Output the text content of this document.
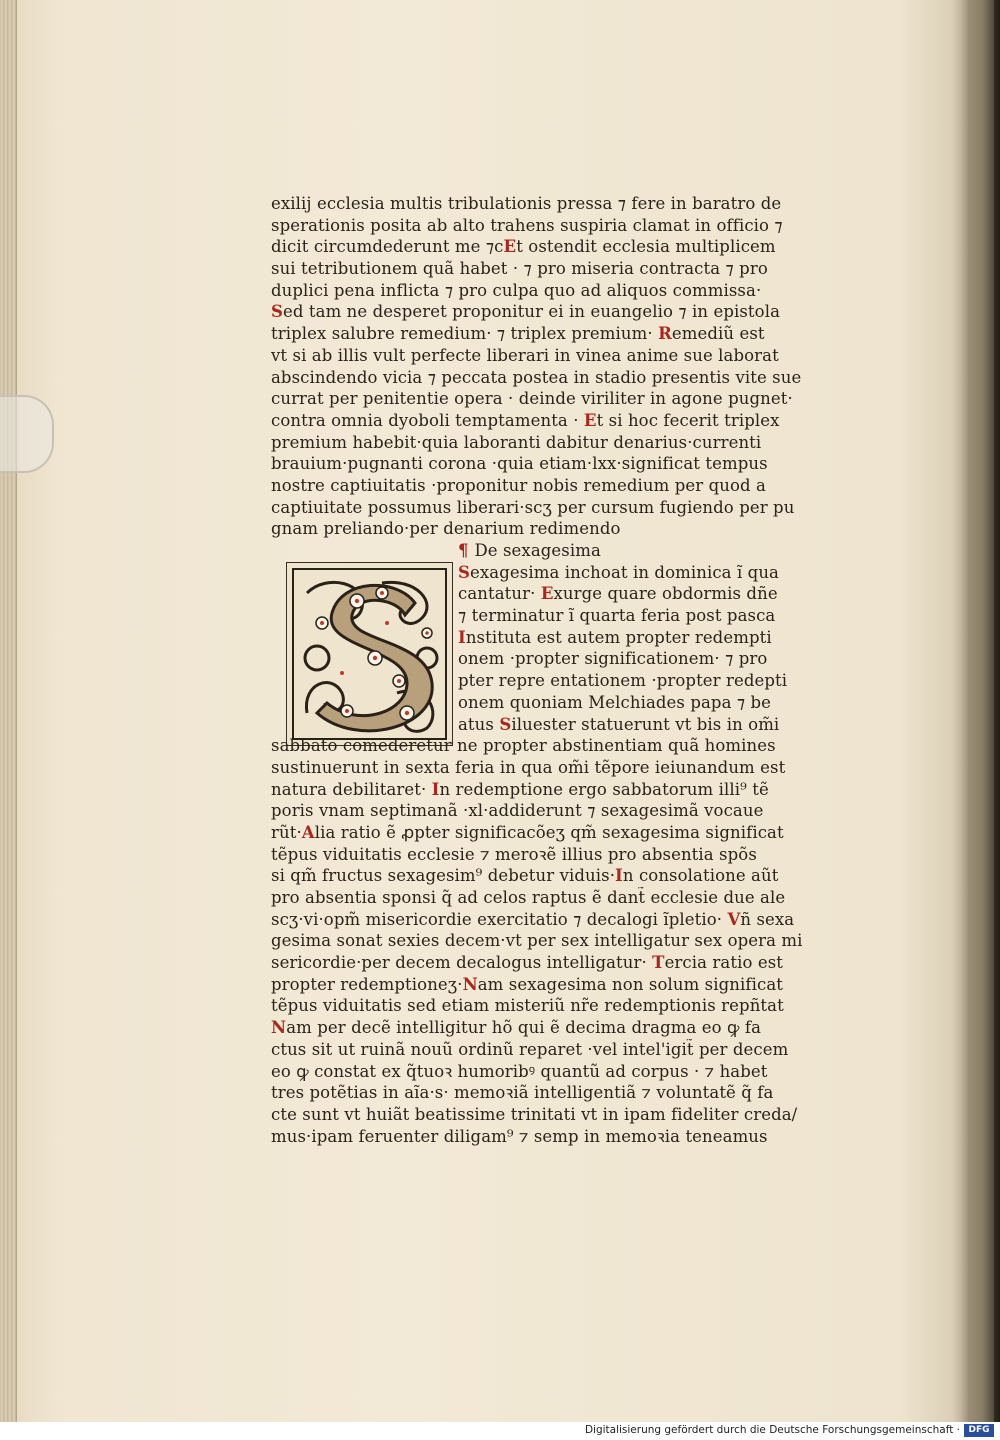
exilij ecclesia multis tribulationis pressa ⁊ fere in baratro de
sperationis posita ab alto trahens suspiria clamat in officio ⁊
dicit circumdederunt me ⁊cEt ostendit ecclesia multiplicem
sui tetributionem quã habet · ⁊ pro miseria contracta ⁊ pro
duplici pena inflicta ⁊ pro culpa quo ad aliquos commissa·
Sed tam ne desperet proponitur ei in euangelio ⁊ in epistola
triplex salubre remedium· ⁊ triplex premium· Remediũ est
vt si ab illis vult perfecte liberari in vinea anime sue laborat
abscindendo vicia ⁊ peccata postea in stadio presentis vite sue
currat per penitentie opera · deinde viriliter in agone pugnet·
contra omnia dyoboli temptamenta · Et si hoc fecerit triplex
premium habebit·quia laboranti dabitur denarius·currenti
brauium·pugnanti corona ·quia etiam·lxx·significat tempus
nostre captiuitatis ·proponitur nobis remedium per quod a
captiuitate possumus liberari·scʒ per cursum fugiendo per pu
gnam preliando·per denarium redimendo
¶ De sexagesima
Sexagesima inchoat in dominica ĩ qua
cantatur· Exurge quare obdormis dñe
⁊ terminatur ĩ quarta feria post pasca
Instituta est autem propter redempti
onem ·propter significationem· ⁊ pro
pter repre entationem ·propter redepti
onem quoniam Melchiades papa ⁊ be
atus Siluester statuerunt vt bis in om̃i
sabbato comederetur ne propter abstinentiam quã homines
sustinuerunt in sexta feria in qua om̃i tẽpore ieiunandum est
natura debilitaret· In redemptione ergo sabbatorum illi⁹ tẽ
poris vnam septimanã ·xl·addiderunt ⁊ sexagesimã vocaue
rũt·Alia ratio ẽ ꝓpter significacõeʒ qm̃ sexagesima significat
tẽpus viduitatis ecclesie ⁊ meroꝛẽ illius pro absentia spõs
si qm̃ fructus sexagesim⁹ debetur viduis·In consolatione aũt
pro absentia sponsi q̃ ad celos raptus ẽ dant̃ ecclesie due ale
scʒ·vi·opm̃ misericordie exercitatio ⁊ decalogi ĩpletio· Vñ sexa
gesima sonat sexies decem·vt per sex intelligatur sex opera mi
sericordie·per decem decalogus intelligatur· Tercia ratio est
propter redemptioneʒ·Nam sexagesima non solum significat
tẽpus viduitatis sed etiam misteriũ nr̃e redemptionis repñtat
Nam per decẽ intelligitur hõ qui ẽ decima dragma eo ꝙ fa
ctus sit ut ruinã nouũ ordinũ reparet ·vel intel'igit̃ per decem
eo ꝙ constat ex q̃tuoꝛ humoribꝰ quantũ ad corpus · ⁊ habet
tres potẽtias in aĩa·s· memoꝛiã intelligentiã ⁊ voluntatẽ q̃ fa
cte sunt vt huiãt beatissime trinitati vt in ipam fideliter creda/
mus·ipam feruenter diligam⁹ ⁊ semp in memoꝛia teneamus
Digitalisierung gefördert durch die Deutsche Forschungsgemeinschaft · DFG
